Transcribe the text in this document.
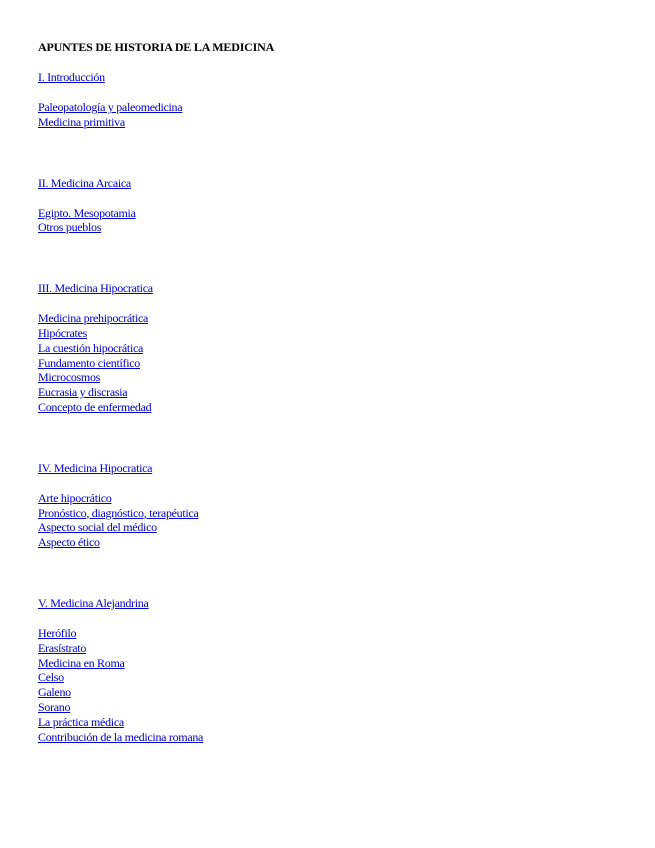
APUNTES DE HISTORIA DE LA MEDICINA
I. Introducción
Paleopatología y paleomedicina
Medicina primitiva
II. Medicina Arcaica
Egipto. Mesopotamia
Otros pueblos
III. Medicina Hipocratica
Medicina prehipocrática
Hipócrates
La cuestión hipocrática
Fundamento científico
Microcosmos
Eucrasia y discrasia
Concepto de enfermedad
IV. Medicina Hipocratica
Arte hipocrático
Pronóstico, diagnóstico, terapéutica
Aspecto social del médico
Aspecto ético
V. Medicina Alejandrina
Herófilo
Erasístrato
Medicina en Roma
Celso
Galeno
Sorano
La práctica médica
Contribución de la medicina romana
